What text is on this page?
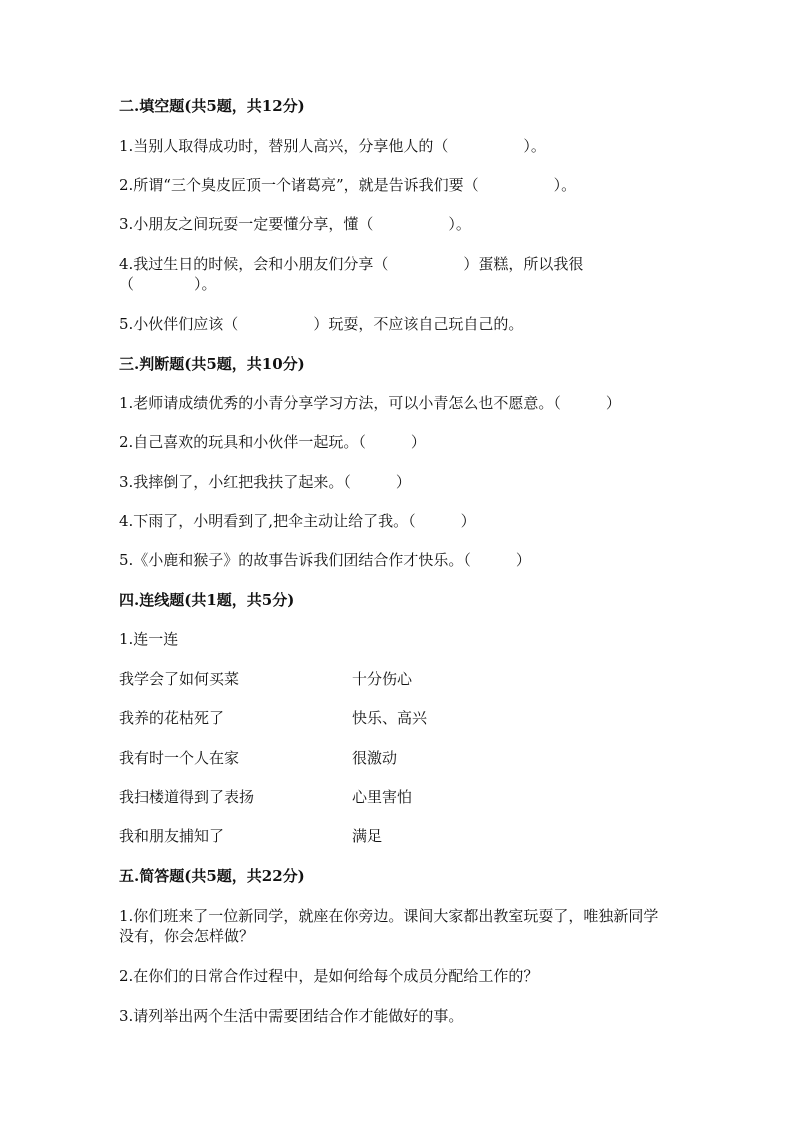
二.填空题(共5题，共12分)
1.当别人取得成功时，替别人高兴，分享他人的（　　　　　）。
2.所谓“三个臭皮匠顶一个诸葛亮”，就是告诉我们要（　　　　　）。
3.小朋友之间玩耍一定要懂分享，懂（　　　　　）。
4.我过生日的时候，会和小朋友们分享（　　　　　）蛋糕，所以我很（　　　　）。
5.小伙伴们应该（　　　　　）玩耍，不应该自己玩自己的。
三.判断题(共5题，共10分)
1.老师请成绩优秀的小青分享学习方法，可以小青怎么也不愿意。（　　　）
2.自己喜欢的玩具和小伙伴一起玩。（　　　）
3.我摔倒了，小红把我扶了起来。（　　　）
4.下雨了，小明看到了,把伞主动让给了我。（　　　）
5.《小鹿和猴子》的故事告诉我们团结合作才快乐。（　　　）
四.连线题(共1题，共5分)
1.连一连
我学会了如何买菜	十分伤心
我养的花枯死了	快乐、高兴
我有时一个人在家	很激动
我扫楼道得到了表扬	心里害怕
我和朋友捕知了	满足
五.简答题(共5题，共22分)
1.你们班来了一位新同学，就座在你旁边。课间大家都出教室玩耍了，唯独新同学没有，你会怎样做？
2.在你们的日常合作过程中，是如何给每个成员分配给工作的？
3.请列举出两个生活中需要团结合作才能做好的事。
